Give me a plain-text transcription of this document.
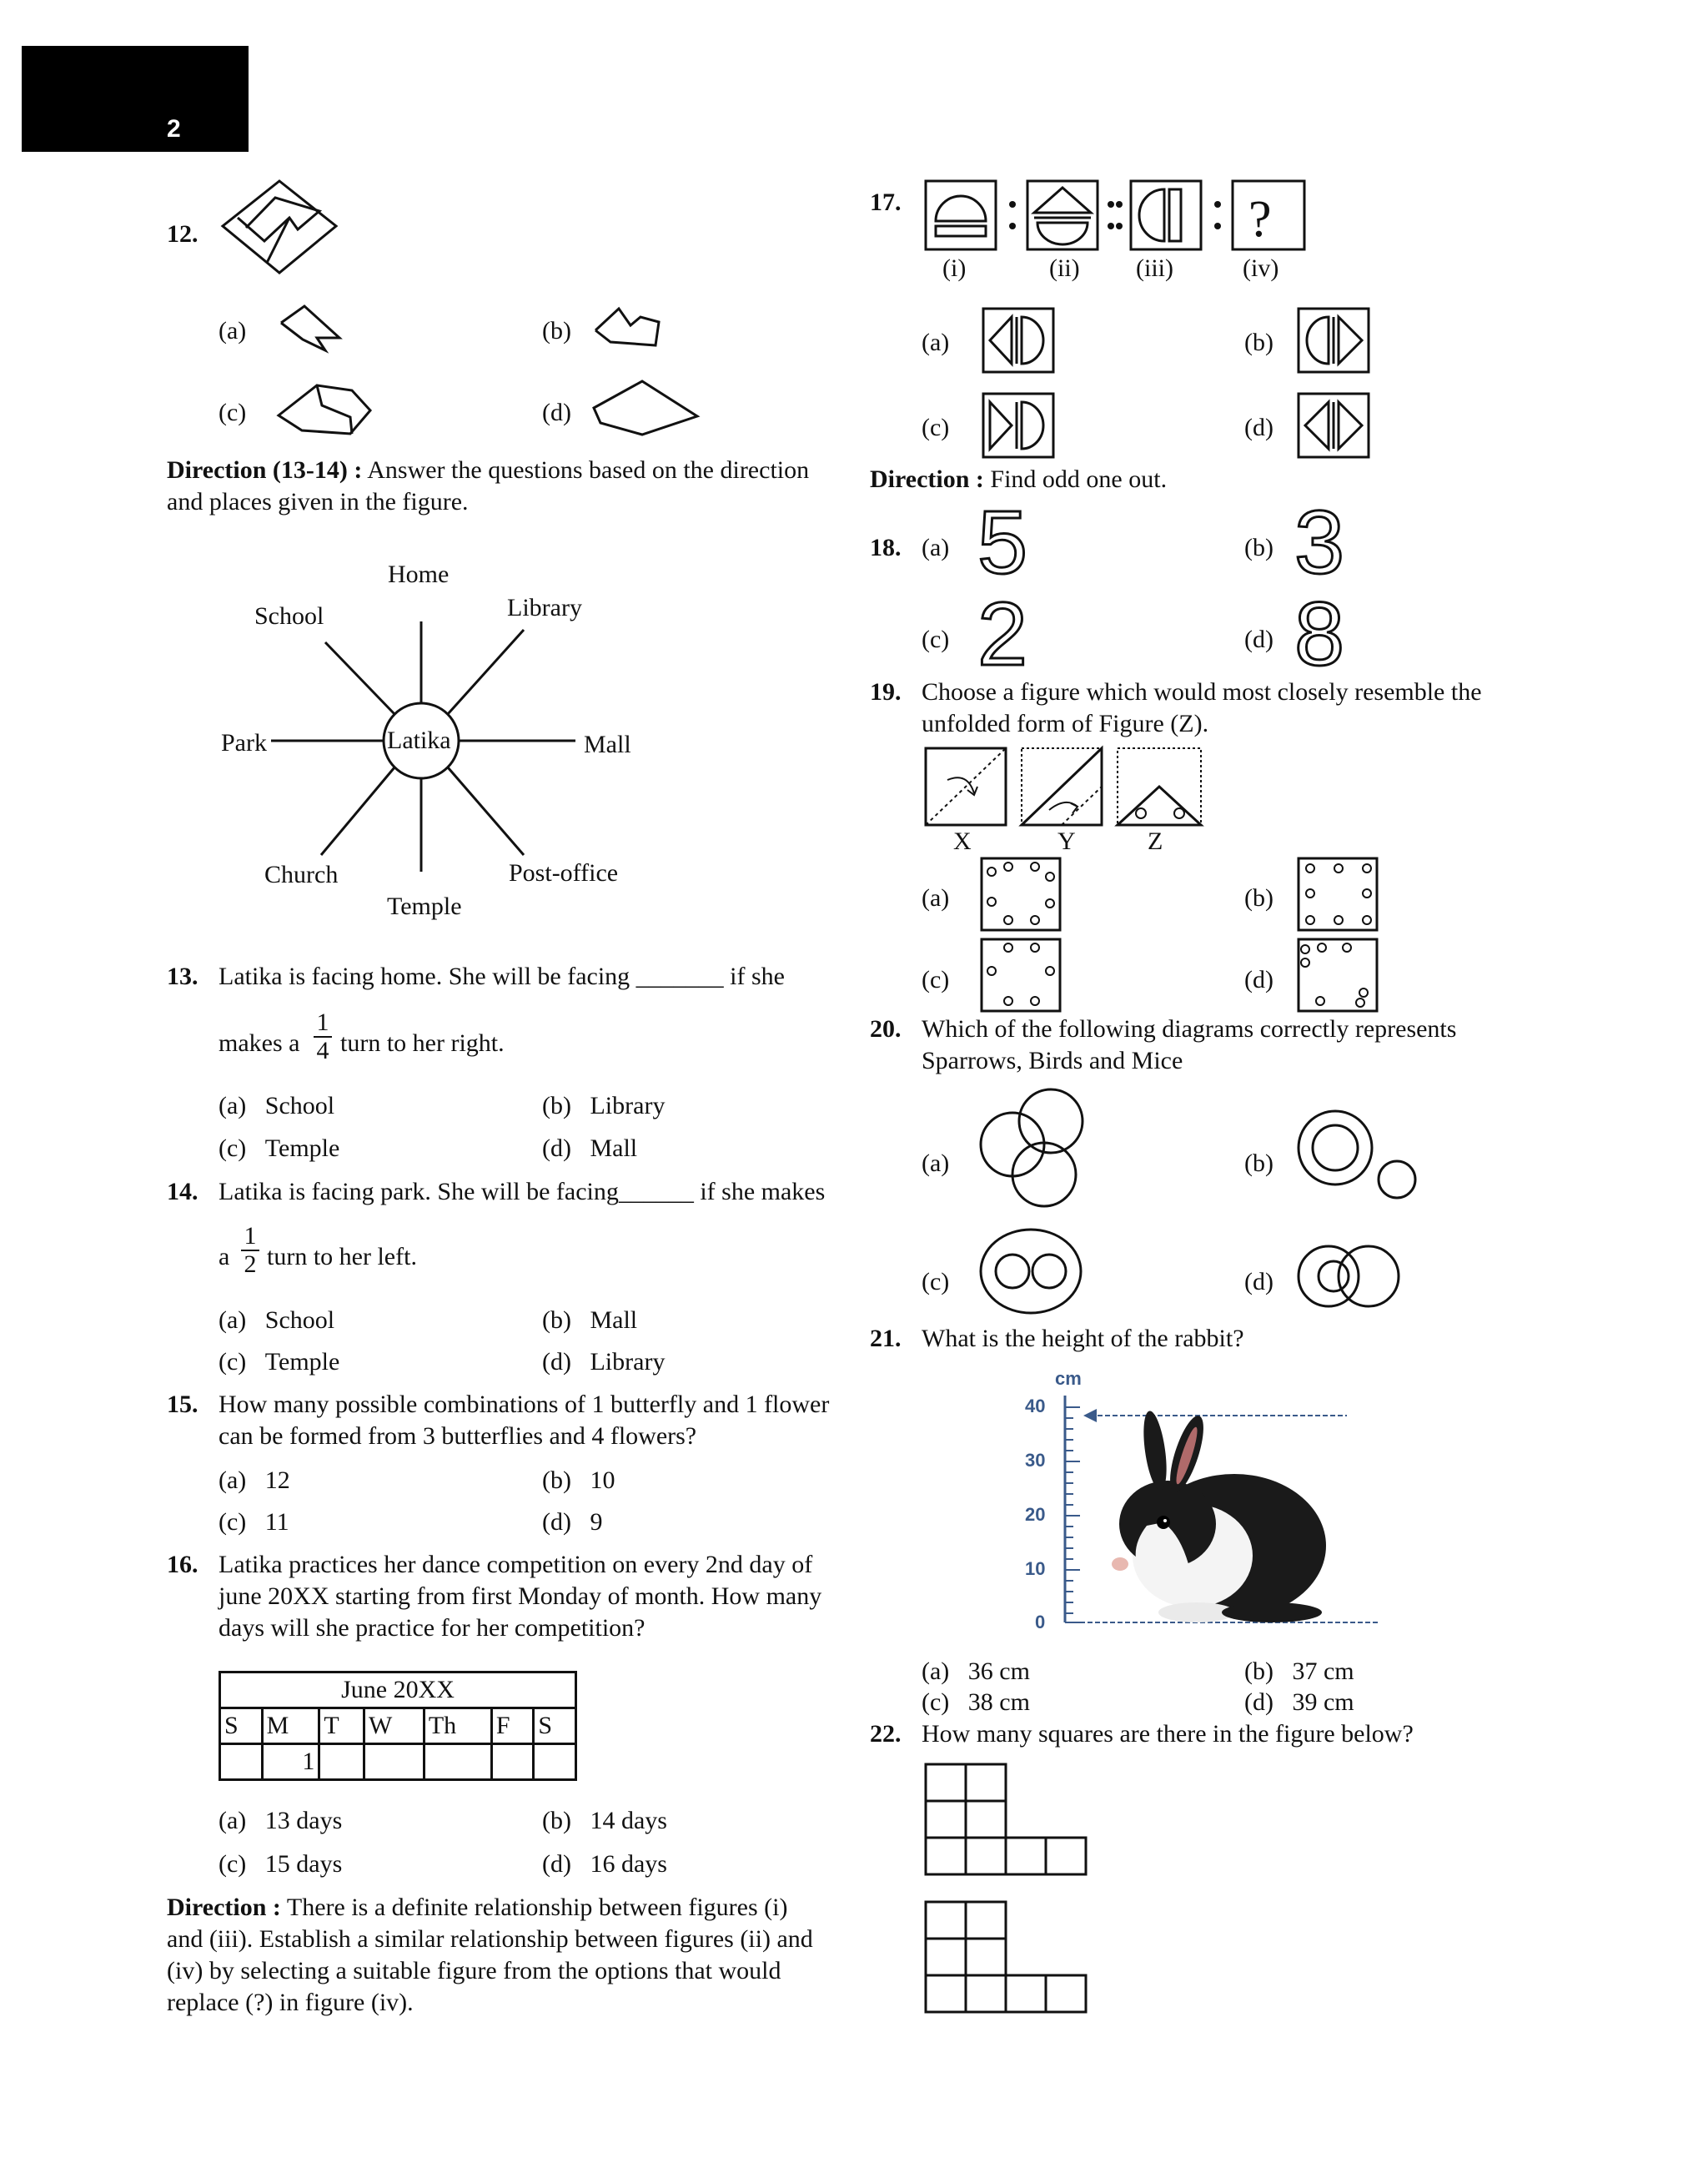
2
12.
(a)	(b)
(c)	(d)
Direction (13-14) : Answer the questions based on the direction
and places given in the figure.
Home
Library
School
Park	Latika	Mall
Church	Post-office
Temple
13. Latika is facing home. She will be facing _______ if she
makes a
1
4 turn to her right.
(a) School	(b) Library
(c) Temple	(d) Mall
14. Latika is facing park. She will be facing______ if she makes
a
1
2 turn to her left.
(a) School	(b) Mall
(c) Temple	(d) Library
15. How many possible combinations of 1 butterfly and 1 flower
can be formed from 3 butterflies and 4 flowers?
(a) 12	(b) 10
(c) 11	(d) 9
16. Latika practices her dance competition on every 2nd day of
june 20XX starting from first Monday of month. How many
days will she practice for her competition?
June 20XX						
S	M	T	W	Th	F	S
	1					
(a) 13 days	(b) 14 days
(c) 15 days	(d) 16 days
Direction : There is a definite relationship between figures (i)
and (iii). Establish a similar relationship between figures (ii) and
(iv) by selecting a suitable figure from the options that would
replace (?) in figure (iv).
17.	?
(i)	(ii) (iii)	(iv)
(a)	(b)
(c)	(d)
Direction : Find odd one out.
18. (a) 5	(b) 3
(c) 2	(d) 8
19. Choose a figure which would most closely resemble the
unfolded form of Figure (Z).
X	Y	Z
(a)	(b)
(c)	(d)
20. Which of the following diagrams correctly represents
Sparrows, Birds and Mice
(a)	(b)
(c)	(d)
21. What is the height of the rabbit?
cm
40
30
20
10
0
(a) 36 cm	(b) 37 cm
(c) 38 cm	(d) 39 cm
22. How many squares are there in the figure below?
